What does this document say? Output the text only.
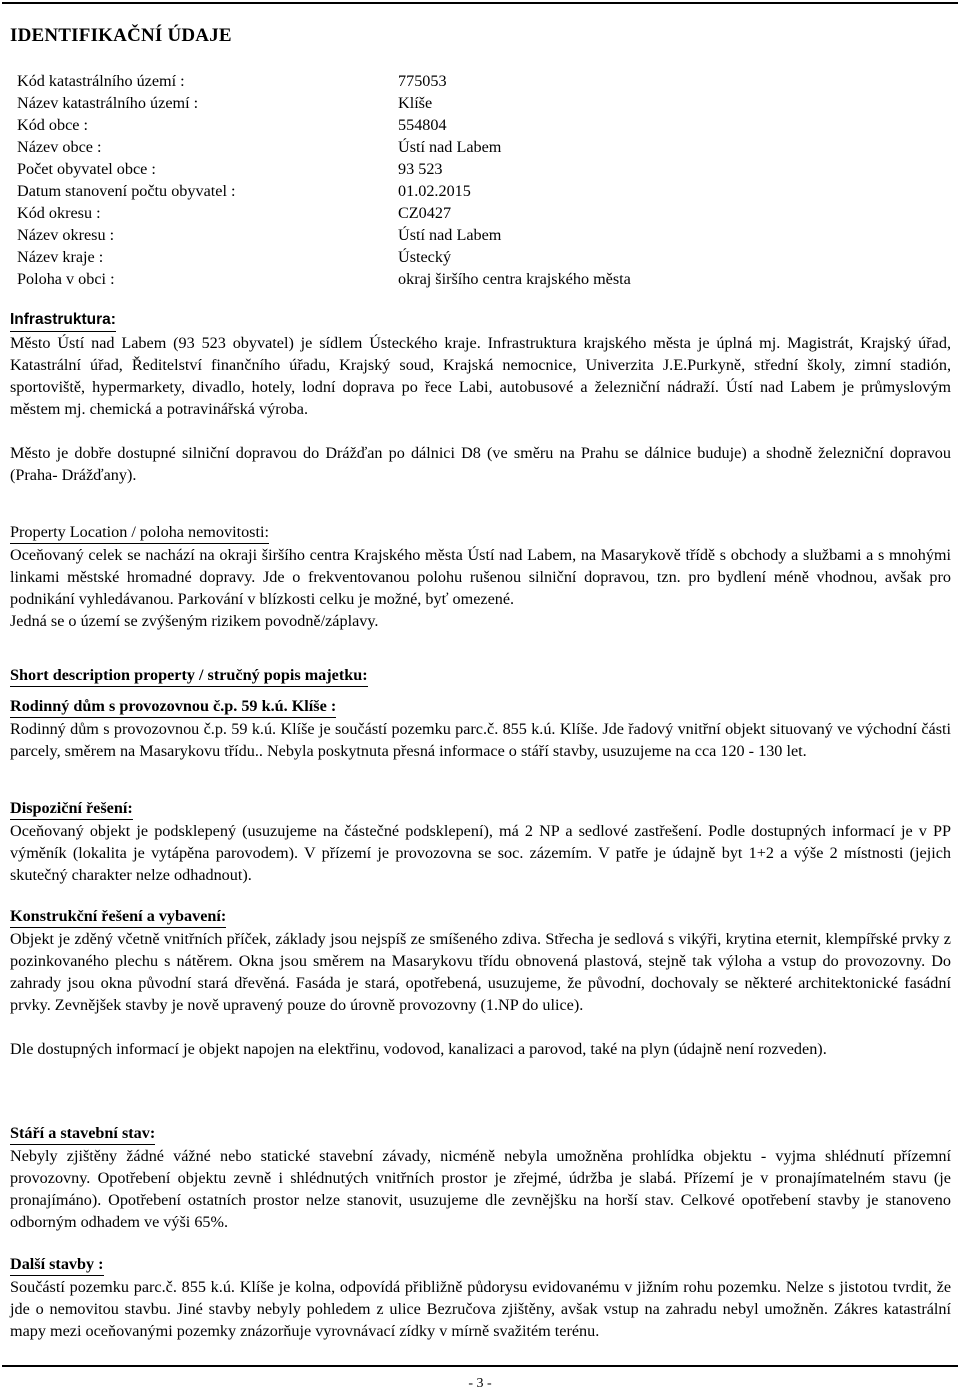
IDENTIFIKAČNÍ ÚDAJE
Kód katastrálního území :	775053
Název katastrálního území :	Klíše
Kód obce :	554804
Název obce :	Ústí nad Labem
Počet obyvatel obce :	93 523
Datum stanovení počtu obyvatel :	01.02.2015
Kód okresu :	CZ0427
Název okresu :	Ústí nad Labem
Název kraje :	Ústecký
Poloha v obci :	okraj širšího centra krajského města
Infrastruktura:

Město Ústí nad Labem (93 523 obyvatel) je sídlem Ústeckého kraje. Infrastruktura krajského města je úplná mj. Magistrát, Krajský úřad, Katastrální úřad, Ředitelství finančního úřadu, Krajský soud, Krajská nemocnice, Univerzita J.E.Purkyně, střední školy, zimní stadión, sportoviště, hypermarkety, divadlo, hotely, lodní doprava po řece Labi, autobusové a železniční nádraží. Ústí nad Labem je průmyslovým městem mj. chemická a potravinářská výroba.

Město je dobře dostupné silniční dopravou do Drážďan po dálnici D8 (ve směru na Prahu se dálnice buduje) a shodně železniční dopravou (Praha- Drážďany).

Property Location / poloha nemovitosti:

Oceňovaný celek se nachází na okraji širšího centra Krajského města Ústí nad Labem, na Masarykově třídě s obchody a službami a s mnohými linkami městské hromadné dopravy. Jde o frekventovanou polohu rušenou silniční dopravou, tzn. pro bydlení méně vhodnou, avšak pro podnikání vyhledávanou. Parkování v blízkosti celku je možné, byť omezené.

Jedná se o území se zvýšeným rizikem povodně/záplavy.

Short description property / stručný popis majetku:
Rodinný dům s provozovnou č.p. 59 k.ú. Klíše :

Rodinný dům s provozovnou č.p. 59 k.ú. Klíše je součástí pozemku parc.č. 855 k.ú. Klíše. Jde řadový vnitřní objekt situovaný ve východní části parcely, směrem na Masarykovu třídu.. Nebyla poskytnuta přesná informace o stáří stavby, usuzujeme na cca 120 - 130 let.

Dispoziční řešení:

Oceňovaný objekt je podsklepený (usuzujeme na částečné podsklepení), má 2 NP a sedlové zastřešení. Podle dostupných informací je v PP výměník (lokalita je vytápěna parovodem). V přízemí je provozovna se soc. zázemím. V patře je údajně byt 1+2 a výše 2 místnosti (jejich skutečný charakter nelze odhadnout).

Konstrukční řešení a vybavení:

Objekt je zděný včetně vnitřních příček, základy jsou nejspíš ze smíšeného zdiva. Střecha je sedlová s vikýři, krytina eternit, klempířské prvky z pozinkovaného plechu s nátěrem. Okna jsou směrem na Masarykovu třídu obnovená plastová, stejně tak výloha a vstup do provozovny. Do zahrady jsou okna původní stará dřevěná. Fasáda je stará, opotřebená, usuzujeme, že původní, dochovaly se některé architektonické fasádní prvky. Zevnějšek stavby je nově upravený pouze do úrovně provozovny (1.NP do ulice).

Dle dostupných informací je objekt napojen na elektřinu, vodovod, kanalizaci a parovod, také na plyn (údajně není rozveden).

Stáří a stavební stav:

Nebyly zjištěny žádné vážné nebo statické stavební závady, nicméně nebyla umožněna prohlídka objektu - vyjma shlédnutí přízemní provozovny. Opotřebení objektu zevně i shlédnutých vnitřních prostor je zřejmé, údržba je slabá. Přízemí je v pronajímatelném stavu (je pronajímáno). Opotřebení ostatních prostor nelze stanovit, usuzujeme dle zevnějšku na horší stav. Celkové opotřebení stavby je stanoveno odborným odhadem ve výši 65%.

Další stavby :

Součástí pozemku parc.č. 855 k.ú. Klíše je kolna, odpovídá přibližně půdorysu evidovanému v jižním rohu pozemku. Nelze s jistotou tvrdit, že jde o nemovitou stavbu. Jiné stavby nebyly pohledem z ulice Bezručova zjištěny, avšak vstup na zahradu nebyl umožněn. Zákres katastrální mapy mezi oceňovanými pozemky znázorňuje vyrovnávací zídky v mírně svažitém terénu.

- 3 -
